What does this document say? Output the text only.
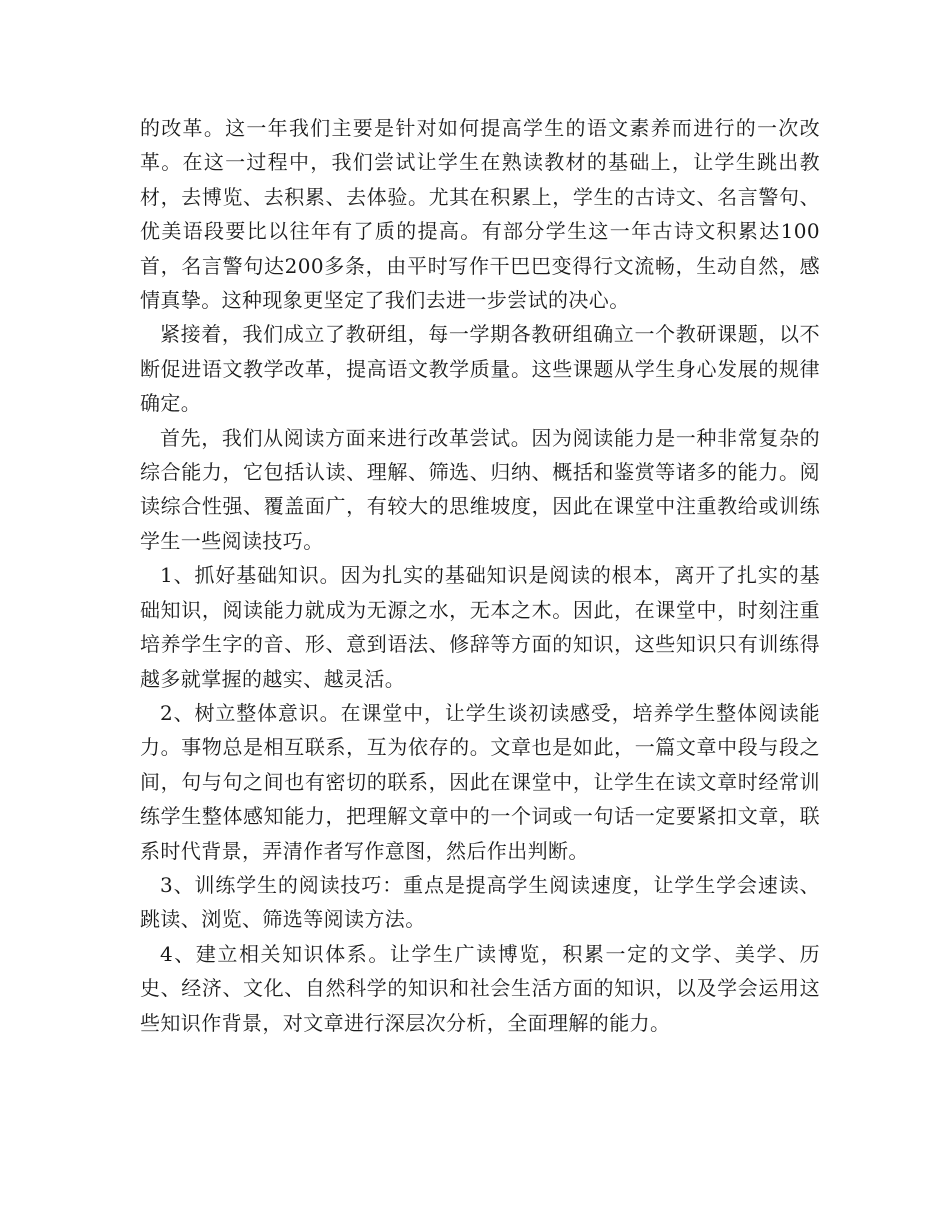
的改革。这一年我们主要是针对如何提高学生的语文素养而进行的一次改革。在这一过程中，我们尝试让学生在熟读教材的基础上，让学生跳出教材，去博览、去积累、去体验。尤其在积累上，学生的古诗文、名言警句、优美语段要比以往年有了质的提高。有部分学生这一年古诗文积累达100首，名言警句达200多条，由平时写作干巴巴变得行文流畅，生动自然，感情真挚。这种现象更坚定了我们去进一步尝试的决心。

紧接着，我们成立了教研组，每一学期各教研组确立一个教研课题，以不断促进语文教学改革，提高语文教学质量。这些课题从学生身心发展的规律确定。

首先，我们从阅读方面来进行改革尝试。因为阅读能力是一种非常复杂的综合能力，它包括认读、理解、筛选、归纳、概括和鉴赏等诸多的能力。阅读综合性强、覆盖面广，有较大的思维坡度，因此在课堂中注重教给或训练学生一些阅读技巧。

1、抓好基础知识。因为扎实的基础知识是阅读的根本，离开了扎实的基础知识，阅读能力就成为无源之水，无本之木。因此，在课堂中，时刻注重培养学生字的音、形、意到语法、修辞等方面的知识，这些知识只有训练得越多就掌握的越实、越灵活。

2、树立整体意识。在课堂中，让学生谈初读感受，培养学生整体阅读能力。事物总是相互联系，互为依存的。文章也是如此，一篇文章中段与段之间，句与句之间也有密切的联系，因此在课堂中，让学生在读文章时经常训练学生整体感知能力，把理解文章中的一个词或一句话一定要紧扣文章，联系时代背景，弄清作者写作意图，然后作出判断。

3、训练学生的阅读技巧：重点是提高学生阅读速度，让学生学会速读、跳读、浏览、筛选等阅读方法。

4、建立相关知识体系。让学生广读博览，积累一定的文学、美学、历史、经济、文化、自然科学的知识和社会生活方面的知识，以及学会运用这些知识作背景，对文章进行深层次分析，全面理解的能力。
